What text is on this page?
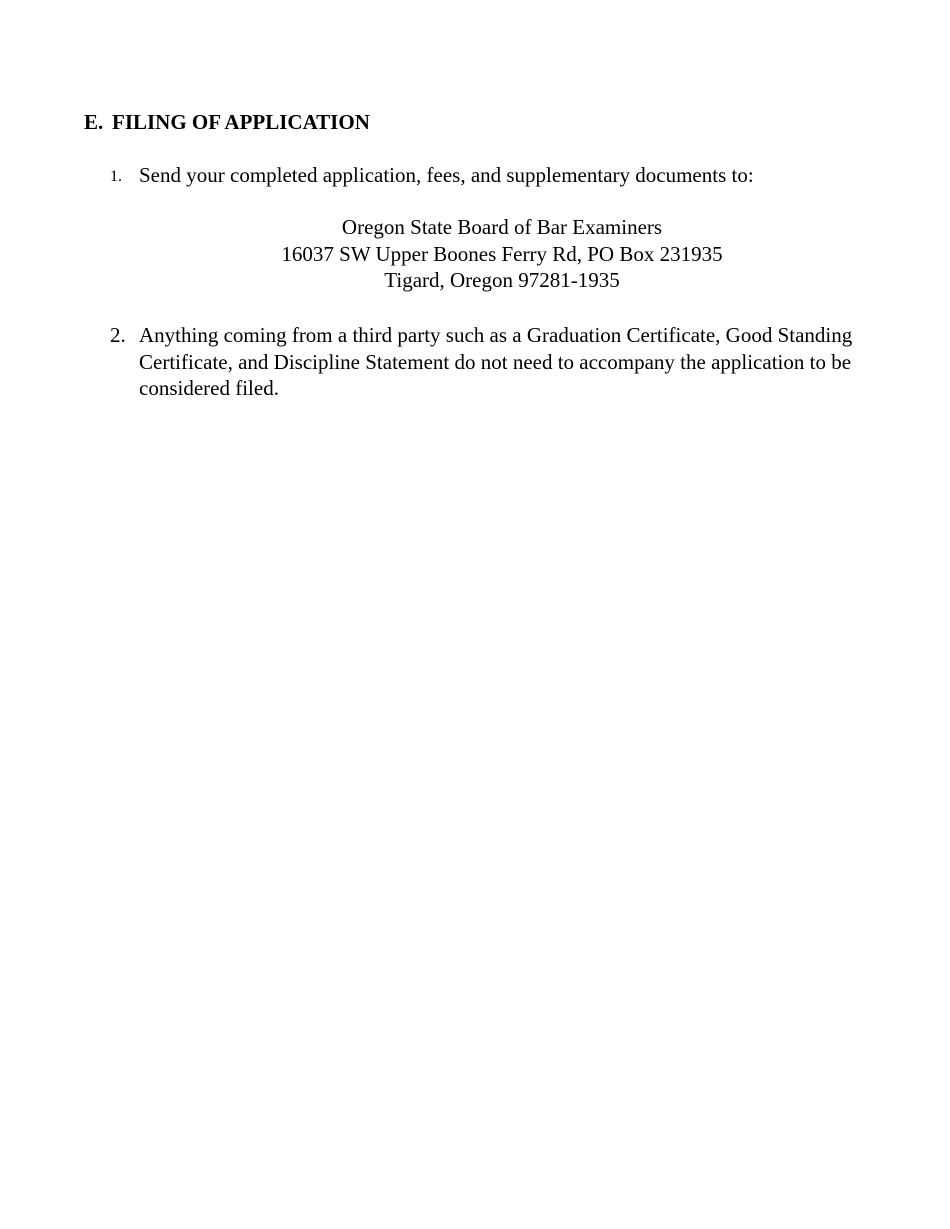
E. FILING OF APPLICATION
1. Send your completed application, fees, and supplementary documents to:
Oregon State Board of Bar Examiners
16037 SW Upper Boones Ferry Rd, PO Box 231935
Tigard, Oregon 97281-1935
2. Anything coming from a third party such as a Graduation Certificate, Good Standing Certificate, and Discipline Statement do not need to accompany the application to be considered filed.
